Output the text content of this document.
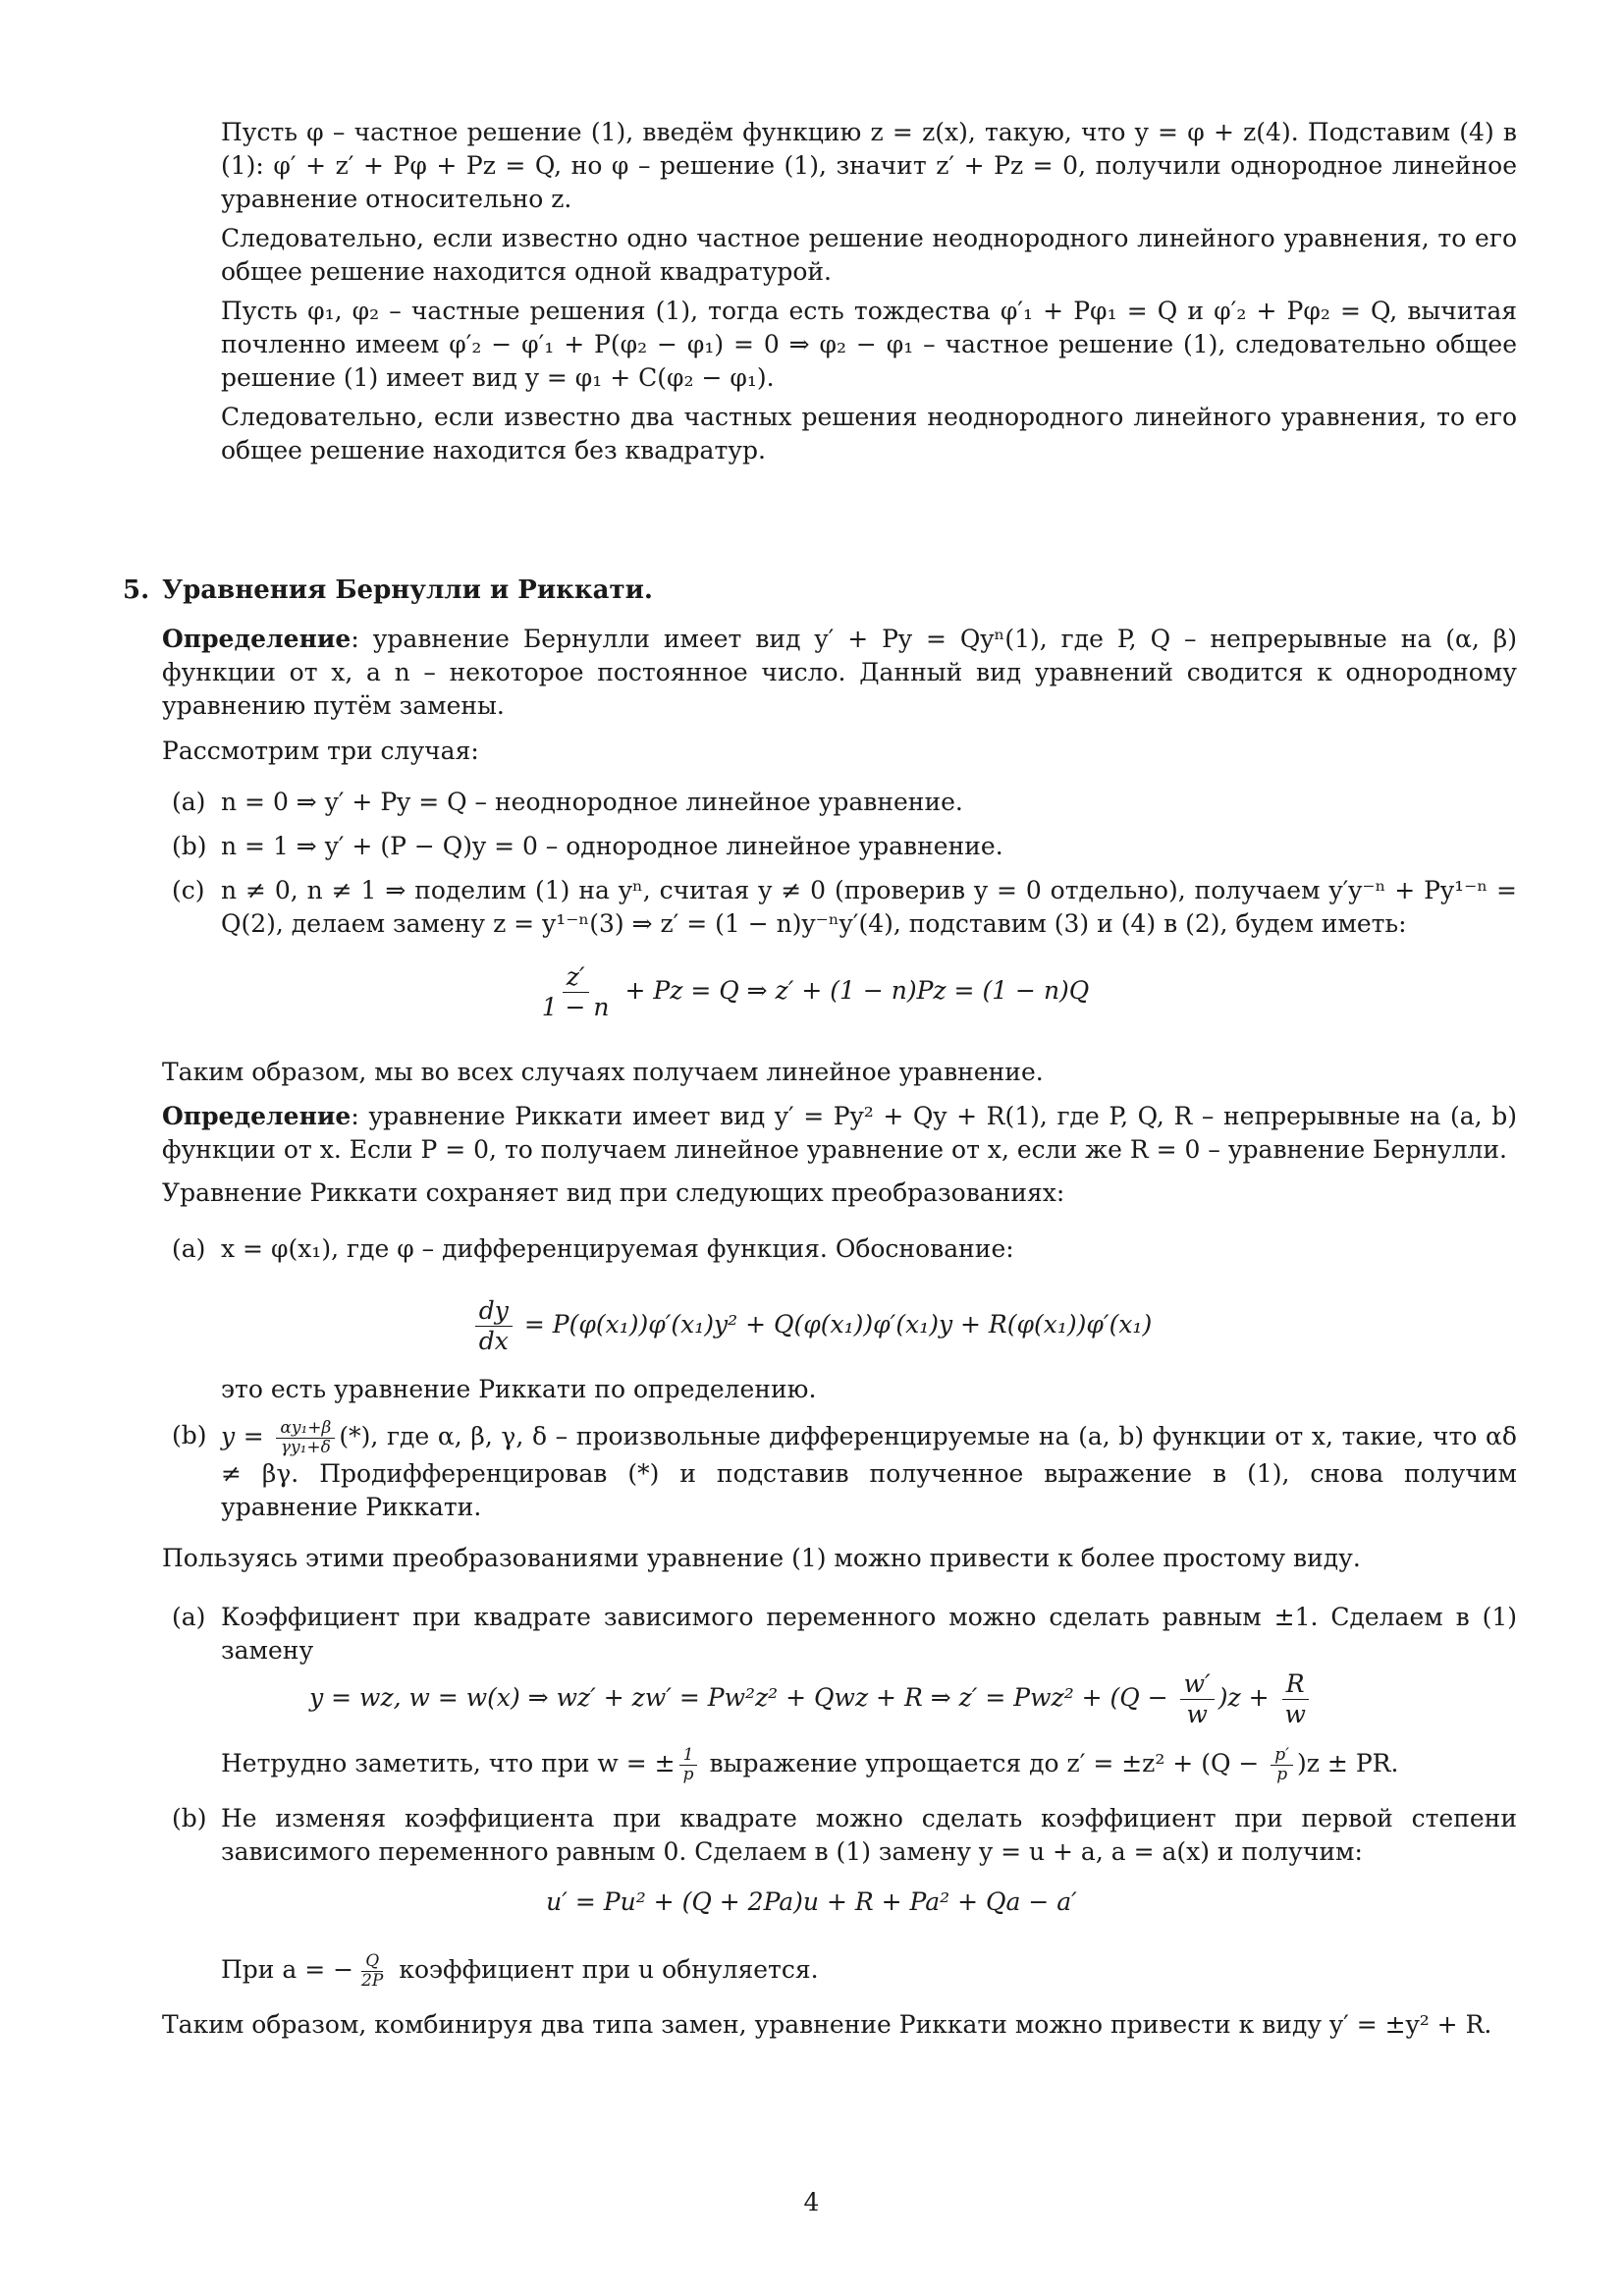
Пусть φ – частное решение (1), введём функцию z = z(x), такую, что y = φ + z(4). Подставим (4) в (1): φ′ + z′ + Pφ + Pz = Q, но φ – решение (1), значит z′ + Pz = 0, получили однородное линейное уравнение относительно z.

Следовательно, если известно одно частное решение неоднородного линейного уравнения, то его общее решение находится одной квадратурой.

Пусть φ₁, φ₂ – частные решения (1), тогда есть тождества φ′₁ + Pφ₁ = Q и φ′₂ + Pφ₂ = Q, вычитая почленно имеем φ′₂ − φ′₁ + P(φ₂ − φ₁) = 0 ⇒ φ₂ − φ₁ – частное решение (1), следовательно общее решение (1) имеет вид y = φ₁ + C(φ₂ − φ₁).

Следовательно, если известно два частных решения неоднородного линейного уравнения, то его общее решение находится без квадратур.

5. Уравнения Бернулли и Риккати.

Определение: уравнение Бернулли имеет вид y′ + Py = Qyⁿ(1), где P, Q – непрерывные на (α, β) функции от x, а n – некоторое постоянное число. Данный вид уравнений сводится к однородному уравнению путём замены.

Рассмотрим три случая:

(a) n = 0 ⇒ y′ + Py = Q – неоднородное линейное уравнение.

(b) n = 1 ⇒ y′ + (P − Q)y = 0 – однородное линейное уравнение.

(c) n ≠ 0, n ≠ 1 ⇒ поделим (1) на yⁿ, считая y ≠ 0 (проверив y = 0 отдельно), получаем y′y⁻ⁿ + Py¹⁻ⁿ = Q(2), делаем замену z = y¹⁻ⁿ(3) ⇒ z′ = (1 − n)y⁻ⁿy′(4), подставим (3) и (4) в (2), будем иметь:

$\frac{z'}{1 - n} + Pz = Q$ ⇒ z′ + (1 − n)Pz = (1 − n)Q

Таким образом, мы во всех случаях получаем линейное уравнение.

Определение: уравнение Риккати имеет вид y′ = Py² + Qy + R(1), где P, Q, R – непрерывные на (a, b) функции от x. Если P = 0, то получаем линейное уравнение от x, если же R = 0 – уравнение Бернулли.

Уравнение Риккати сохраняет вид при следующих преобразованиях:

(a) x = φ(x₁), где φ – дифференцируемая функция. Обоснование:

$\frac{dy}{dx} = P(\varphi(x_1))\varphi'(x_1)y^2 + Q(\varphi(x_1))\varphi'(x_1)y + R(\varphi(x_1))\varphi'(x_1)$

это есть уравнение Риккати по определению.

(b) $y = \frac{\text{αy₁+β}}{\text{γy₁+δ}}$ (*), где α, β, γ, δ – произвольные дифференцируемые на (a, b) функции от x, такие, что αδ ≠ βγ. Продифференцировав (*) и подставив полученное выражение в (1), снова получим уравнение Риккати.

Пользуясь этими преобразованиями уравнение (1) можно привести к более простому виду.

(a) Коэффициент при квадрате зависимого переменного можно сделать равным ±1. Сделаем в (1) замену

y = wz, w = w(x) ⇒ wz′ + zw′ = Pw²z² + Qwz + R ⇒ $z' = Pwz^2 + (Q - \frac{w'}{w} )z + \frac{R}{w}$

Нетрудно заметить, что при w = ± $\frac{1}{p}$ выражение упрощается до $z' = \pm z^2 + (Q - \frac{p'}{p} )z$ ± PR.

(b) Не изменяя коэффициента при квадрате можно сделать коэффициент при первой степени зависимого переменного равным 0. Сделаем в (1) замену y = u + a, a = a(x) и получим:

u′ = Pu² + (Q + 2Pa)u + R + Pa² + Qa − a′

При a = − $\frac{Q}{2P}$ коэффициент при u обнуляется.

Таким образом, комбинируя два типа замен, уравнение Риккати можно привести к виду y′ = ±y² + R.

4
